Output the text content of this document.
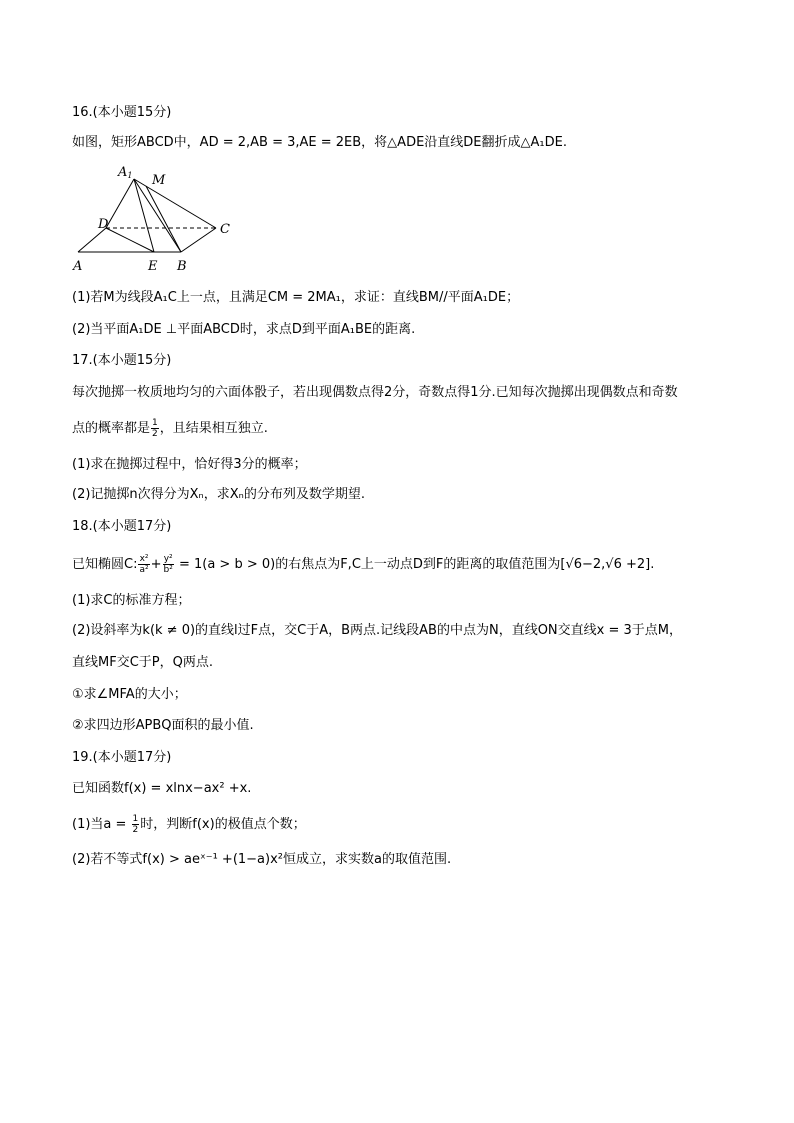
16.(本小题15分)
如图，矩形ABCD中，AD = 2,AB = 3,AE = 2EB，将△ADE沿直线DE翻折成△A₁DE.
A1 M
D	C
A	E B
(1)若M为线段A₁C上一点，且满足CM = 2MA₁，求证：直线BM//平面A₁DE；
(2)当平面A₁DE ⊥平面ABCD时，求点D到平面A₁BE的距离.
17.(本小题15分)
每次抛掷一枚质地均匀的六面体骰子，若出现偶数点得2分，奇数点得1分.已知每次抛掷出现偶数点和奇数
点的概率都是 $\frac{1}{2}$ ，且结果相互独立.
(1)求在抛掷过程中，恰好得3分的概率；
(2)记抛掷n次得分为Xₙ，求Xₙ的分布列及数学期望.
18.(本小题17分)
已知椭圆C: $\frac{\text{x²}}{\text{a²}} + \frac{\text{y²}}{\text{b²}} = 1(a > b > 0)$的右焦点为F,C上一动点D到F的距离的取值范围为[√6−2,√6 +2].
(1)求C的标准方程；
(2)设斜率为k(k ≠ 0)的直线l过F点，交C于A，B两点.记线段AB的中点为N，直线ON交直线x = 3于点M，
直线MF交C于P，Q两点.
①求∠MFA的大小；
②求四边形APBQ面积的最小值.
19.(本小题17分)
已知函数f(x) = xlnx−ax² +x.
(1)当$a = \frac{1}{2}$ 时，判断f(x)的极值点个数；
(2)若不等式f(x) > aeˣ⁻¹ +(1−a)x²恒成立，求实数a的取值范围.
